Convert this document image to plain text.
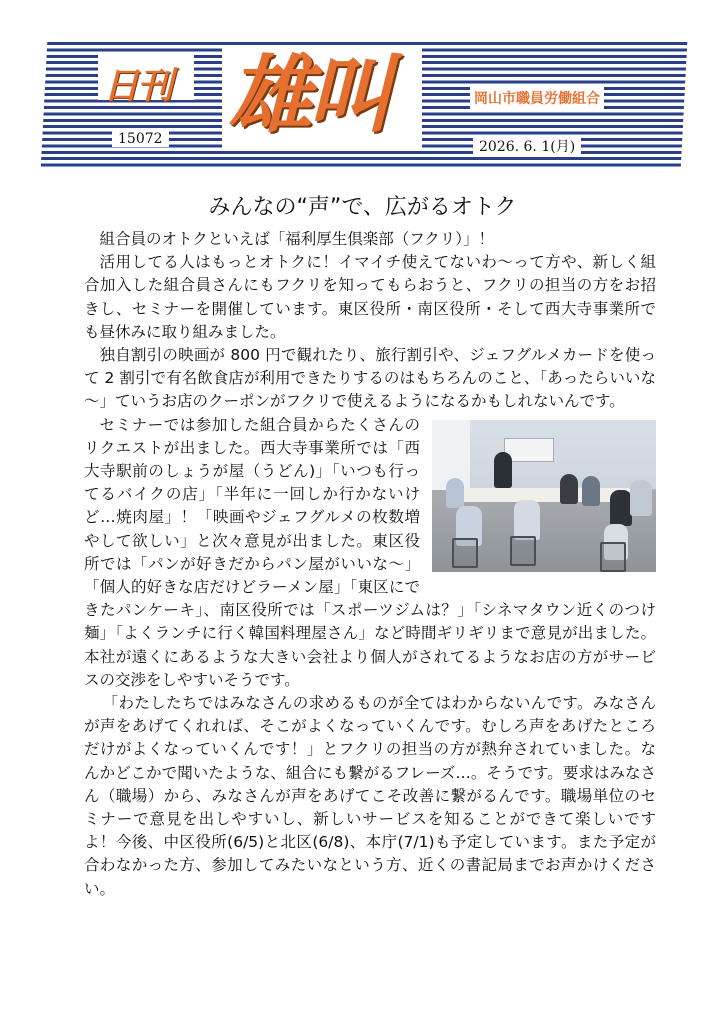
日刊 雄叫	岡山市職員労働組合
15072	2026. 6. 1(月)
みんなの“声”で、広がるオトク

組合員のオトクといえば「福利厚生倶楽部（フクリ）」！

活用してる人はもっとオトクに！イマイチ使えてないわ～って方や、新しく組合加入した組合員さんにもフクリを知ってもらおうと、フクリの担当の方をお招きし、セミナーを開催しています。東区役所・南区役所・そして西大寺事業所でも昼休みに取り組みました。

独自割引の映画が 800 円で観れたり、旅行割引や、ジェフグルメカードを使って 2 割引で有名飲食店が利用できたりするのはもちろんのこと、「あったらいいな～」ていうお店のクーポンがフクリで使えるようになるかもしれないんです。

セミナーでは参加した組合員からたくさんのリクエストが出ました。西大寺事業所では「西大寺駅前のしょうが屋（うどん)」「いつも行ってるバイクの店」「半年に一回しか行かないけど…焼肉屋」！「映画やジェフグルメの枚数増やして欲しい」と次々意見が出ました。東区役所では「パンが好きだからパン屋がいいな～」「個人的好きな店だけどラーメン屋」「東区にできたパンケーキ」、南区役所では「スポーツジムは？」「シネマタウン近くのつけ麺」「よくランチに行く韓国料理屋さん」など時間ギリギリまで意見が出ました。本社が遠くにあるような大きい会社より個人がされてるようなお店の方がサービスの交渉をしやすいそうです。

「わたしたちではみなさんの求めるものが全てはわからないんです。みなさんが声をあげてくれれば、そこがよくなっていくんです。むしろ声をあげたところだけがよくなっていくんです！」とフクリの担当の方が熱弁されていました。なんかどこかで聞いたような、組合にも繋がるフレーズ…。そうです。要求はみなさん（職場）から、みなさんが声をあげてこそ改善に繋がるんです。職場単位のセミナーで意見を出しやすいし、新しいサービスを知ることができて楽しいですよ！今後、中区役所(6/5)と北区(6/8)、本庁(7/1)も予定しています。また予定が合わなかった方、参加してみたいなという方、近くの書記局までお声かけください。
